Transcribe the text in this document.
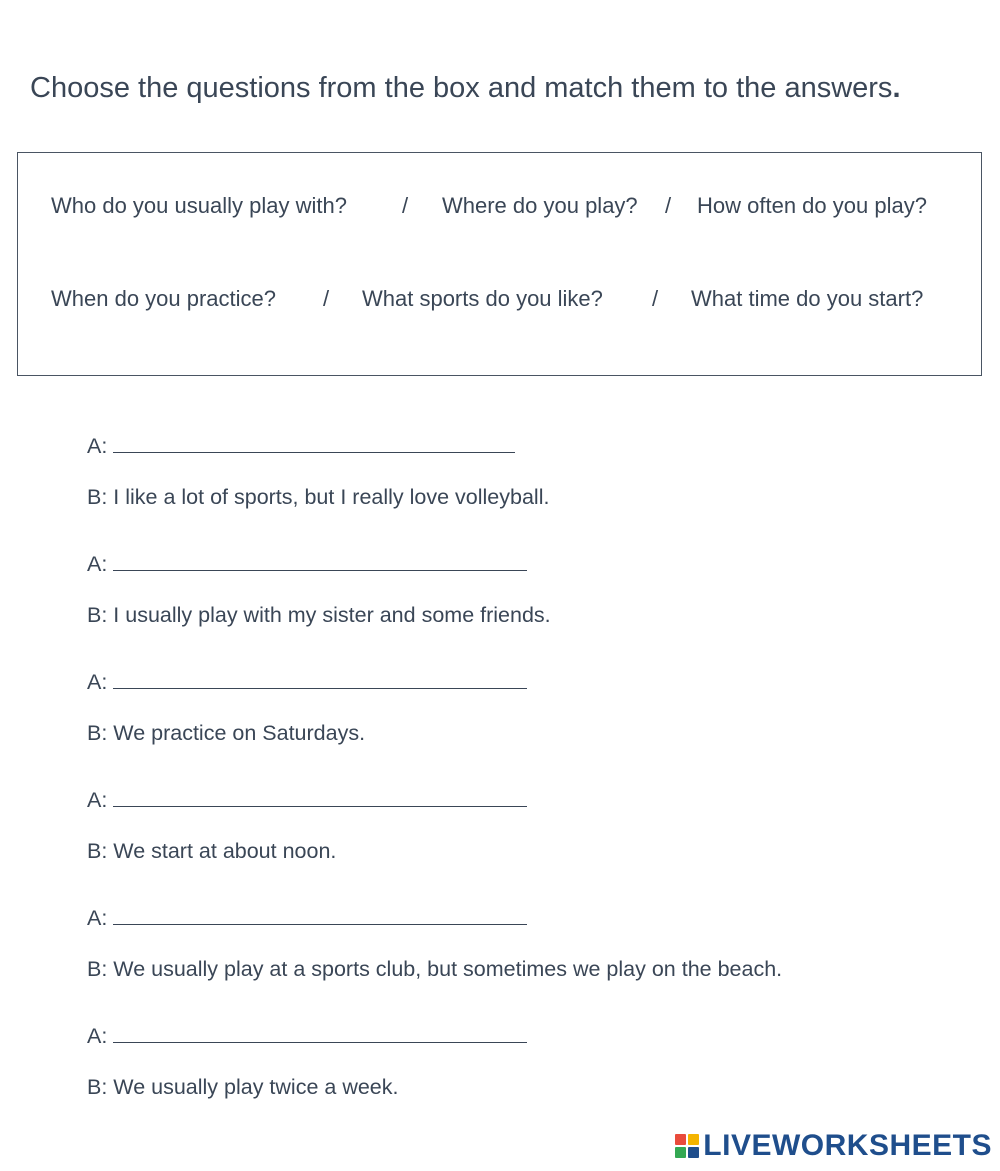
Choose the questions from the box and match them to the answers.
Who do you usually play with?	/ Where do you play? / How often do you play?
When do you practice? / What sports do you like? / What time do you start?
A:
B: I like a lot of sports, but I really love volleyball.
A:
B: I usually play with my sister and some friends.
A:
B: We practice on Saturdays.
A:
B: We start at about noon.
A:
B: We usually play at a sports club, but sometimes we play on the beach.
A:
B: We usually play twice a week.
LIVEWORKSHEETS
